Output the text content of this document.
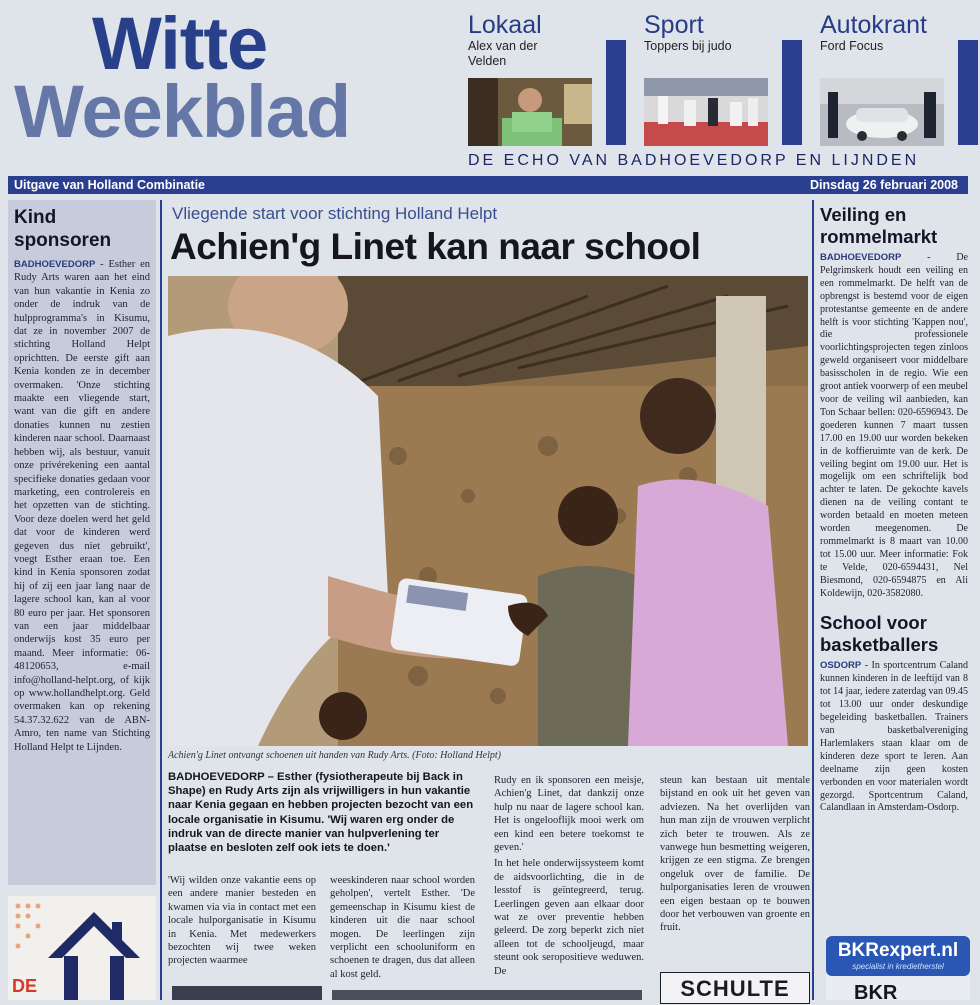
Witte
Weekblad
Lokaal
Alex van der Velden
Sport
Toppers bij judo
Autokrant
Ford Focus
DE ECHO VAN BADHOEVEDORP EN LIJNDEN
Uitgave van Holland Combinatie	Dinsdag 26 februari 2008
Kind sponsoren
BADHOEVEDORP - Esther en Rudy Arts waren aan het eind van hun vakantie in Kenia zo onder de indruk van de hulpprogramma's in Kisumu, dat ze in november 2007 de stichting Holland Helpt oprichtten. De eerste gift aan Kenia konden ze in december overmaken. 'Onze stichting maakte een vliegende start, want van die gift en andere donaties kunnen nu zestien kinderen naar school. Daarnaast hebben wij, als bestuur, vanuit onze privérekening een aantal specifieke donaties gedaan voor marketing, een controlereis en het opzetten van de stichting. Voor deze doelen werd het geld dat voor de kinderen werd gegeven dus niet gebruikt', voegt Esther eraan toe. Een kind in Kenia sponsoren zodat hij of zij een jaar lang naar de lagere school kan, kan al voor 80 euro per jaar. Het sponsoren van een jaar middelbaar onderwijs kost 35 euro per maand. Meer informatie: 06-48120653, e-mail info@holland-helpt.org, of kijk op www.hollandhelpt.org. Geld overmaken kan op rekening 54.37.32.622 van de ABN-Amro, ten name van Stichting Holland Helpt te Lijnden.
Vliegende start voor stichting Holland Helpt
Achien'g Linet kan naar school
Achien'g Linet ontvangt schoenen uit handen van Rudy Arts. (Foto: Holland Helpt)
BADHOEVEDORP – Esther (fysiotherapeute bij Back in Shape) en Rudy Arts zijn als vrijwilligers in hun vakantie naar Kenia gegaan en hebben projecten bezocht van een locale organisatie in Kisumu. 'Wij waren erg onder de indruk van de directe manier van hulpverlening ter plaatse en besloten zelf ook iets te doen.'

'Wij wilden onze vakantie eens op een andere manier besteden en kwamen via via in contact met een locale hulporganisatie in Kisumu in Kenia. Met medewerkers bezochten wij twee weken projecten waarmee

weeskinderen naar school worden geholpen', vertelt Esther. 'De gemeenschap in Kisumu kiest de kinderen uit die naar school mogen. De leerlingen zijn verplicht een schooluniform en schoenen te dragen, dus dat alleen al kost geld.

Rudy en ik sponsoren een meisje, Achien'g Linet, dat dankzij onze hulp nu naar de lagere school kan. Het is ongelooflijk mooi werk om een kind een betere toekomst te geven.'

In het hele onderwijssysteem komt de aidsvoorlichting, die in de lesstof is geïntegreerd, terug. Leerlingen geven aan elkaar door wat ze over preventie hebben geleerd. De zorg beperkt zich niet alleen tot de schooljeugd, maar steunt ook seropositieve weduwen. De

steun kan bestaan uit mentale bijstand en ook uit het geven van adviezen. Na het overlijden van hun man zijn de vrouwen verplicht zich beter te trouwen. Als ze vanwege hun besmetting weigeren, krijgen ze een stigma. Ze brengen ongeluk over de familie. De hulporganisaties leren de vrouwen een eigen bestaan op te bouwen door het verbouwen van groente en fruit.

SCHULTE
Veiling en rommelmarkt
BADHOEVEDORP - De Pelgrimskerk houdt een veiling en een rommelmarkt. De helft van de opbrengst is bestemd voor de eigen protestantse gemeente en de andere helft is voor stichting 'Kappen nou', die professionele voorlichtingsprojecten tegen zinloos geweld organiseert voor middelbare basisscholen in de regio. Wie een groot antiek voorwerp of een meubel voor de veiling wil aanbieden, kan Ton Schaar bellen: 020-6596943. De goederen kunnen 7 maart tussen 17.00 en 19.00 uur worden bekeken in de koffieruimte van de kerk. De veiling begint om 19.00 uur. Het is mogelijk om een schriftelijk bod achter te laten. De gekochte kavels dienen na de veiling contant te worden betaald en moeten meteen worden meegenomen. De rommelmarkt is 8 maart van 10.00 tot 15.00 uur. Meer informatie: Fok te Velde, 020-6594431, Nel Biesmond, 020-6594875 en Ali Koldewijn, 020-3582080.
School voor basketballers
OSDORP - In sportcentrum Caland kunnen kinderen in de leeftijd van 8 tot 14 jaar, iedere zaterdag van 09.45 tot 13.00 uur onder deskundige begeleiding basketballen. Trainers van basketbalvereniging Harlemlakers staan klaar om de kinderen deze sport te leren. Aan deelname zijn geen kosten verbonden en voor materialen wordt gezorgd. Sportcentrum Caland, Calandlaan in Amsterdam-Osdorp.
BKRexpert.nl
specialist in kredietherstel
BKR
DE
